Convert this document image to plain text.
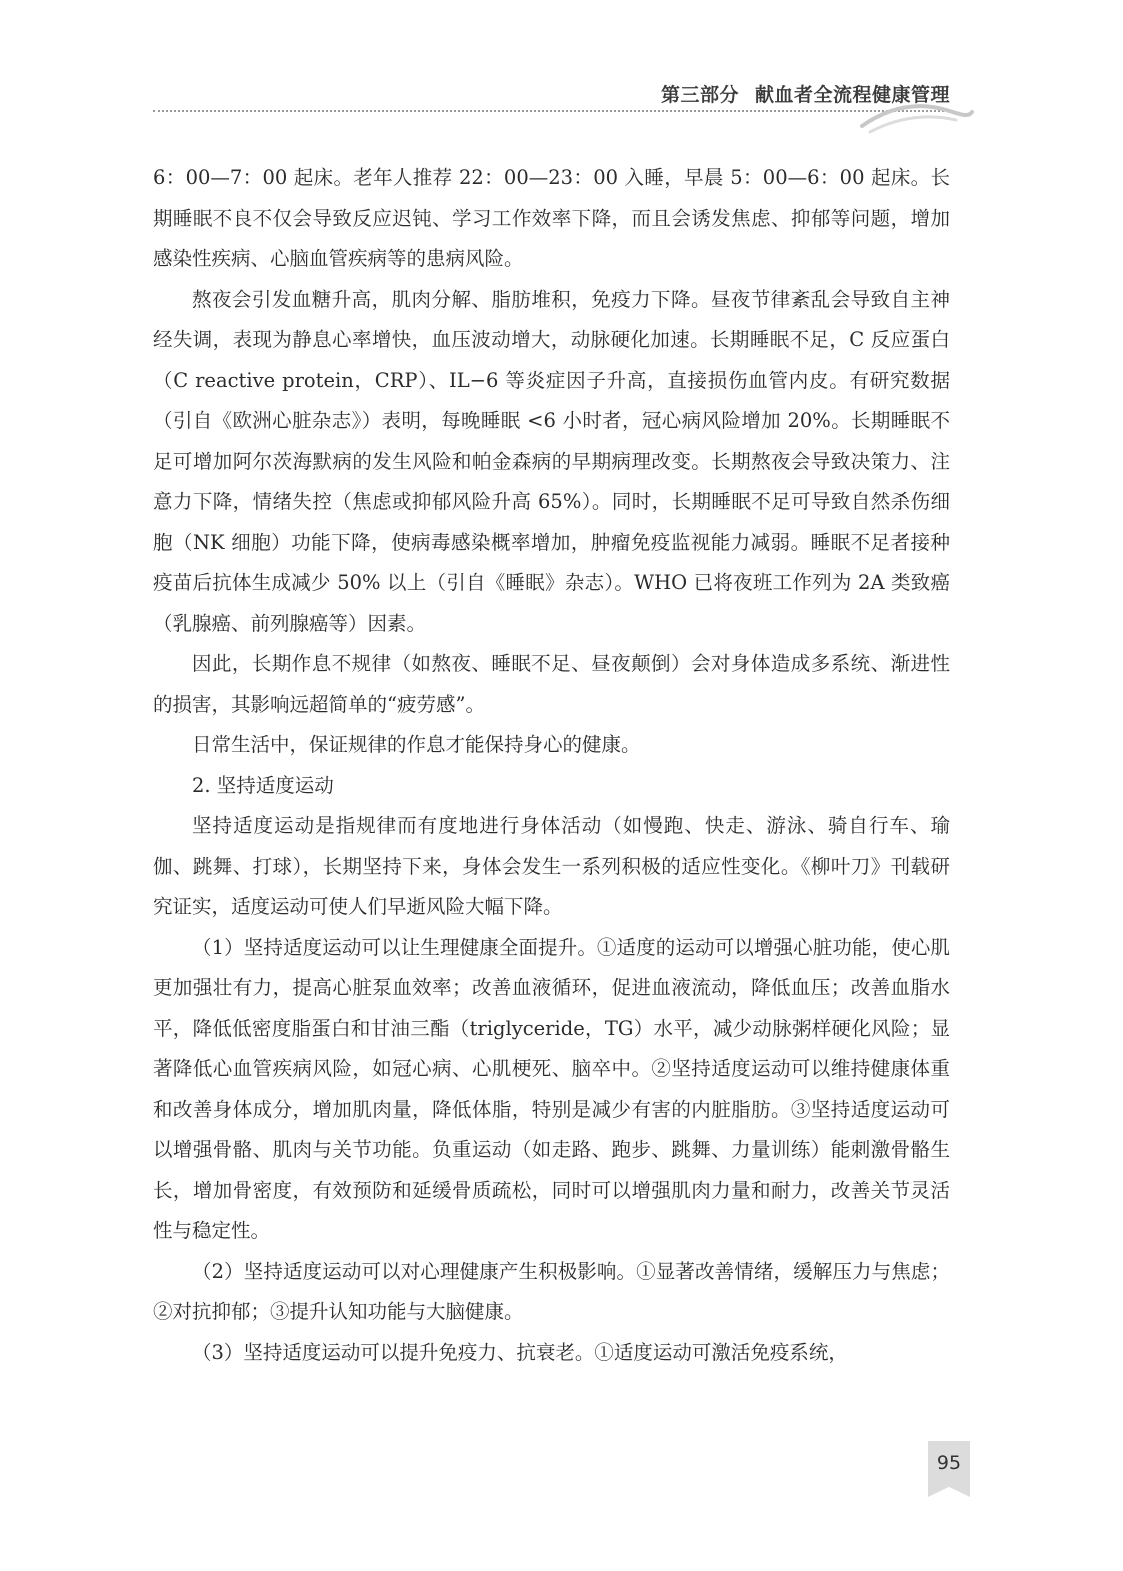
第三部分 献血者全流程健康管理

6：00—7：00 起床。老年人推荐 22：00—23：00 入睡，早晨 5：00—6：00 起床。长期睡眠不良不仅会导致反应迟钝、学习工作效率下降，而且会诱发焦虑、抑郁等问题，增加感染性疾病、心脑血管疾病等的患病风险。

熬夜会引发血糖升高，肌肉分解、脂肪堆积，免疫力下降。昼夜节律紊乱会导致自主神经失调，表现为静息心率增快，血压波动增大，动脉硬化加速。长期睡眠不足，C 反应蛋白（C reactive protein，CRP）、IL−6 等炎症因子升高，直接损伤血管内皮。有研究数据（引自《欧洲心脏杂志》）表明，每晚睡眠 <6 小时者，冠心病风险增加 20%。长期睡眠不足可增加阿尔茨海默病的发生风险和帕金森病的早期病理改变。长期熬夜会导致决策力、注意力下降，情绪失控（焦虑或抑郁风险升高 65%）。同时，长期睡眠不足可导致自然杀伤细胞（NK 细胞）功能下降，使病毒感染概率增加，肿瘤免疫监视能力减弱。睡眠不足者接种疫苗后抗体生成减少 50% 以上（引自《睡眠》杂志）。WHO 已将夜班工作列为 2A 类致癌（乳腺癌、前列腺癌等）因素。

因此，长期作息不规律（如熬夜、睡眠不足、昼夜颠倒）会对身体造成多系统、渐进性的损害，其影响远超简单的“疲劳感”。

日常生活中，保证规律的作息才能保持身心的健康。

2. 坚持适度运动

坚持适度运动是指规律而有度地进行身体活动（如慢跑、快走、游泳、骑自行车、瑜伽、跳舞、打球），长期坚持下来，身体会发生一系列积极的适应性变化。《柳叶刀》刊载研究证实，适度运动可使人们早逝风险大幅下降。

（1）坚持适度运动可以让生理健康全面提升。①适度的运动可以增强心脏功能，使心肌更加强壮有力，提高心脏泵血效率；改善血液循环，促进血液流动，降低血压；改善血脂水平，降低低密度脂蛋白和甘油三酯（triglyceride，TG）水平，减少动脉粥样硬化风险；显著降低心血管疾病风险，如冠心病、心肌梗死、脑卒中。②坚持适度运动可以维持健康体重和改善身体成分，增加肌肉量，降低体脂，特别是减少有害的内脏脂肪。③坚持适度运动可以增强骨骼、肌肉与关节功能。负重运动（如走路、跑步、跳舞、力量训练）能刺激骨骼生长，增加骨密度，有效预防和延缓骨质疏松，同时可以增强肌肉力量和耐力，改善关节灵活性与稳定性。

（2）坚持适度运动可以对心理健康产生积极影响。①显著改善情绪，缓解压力与焦虑；②对抗抑郁；③提升认知功能与大脑健康。

（3）坚持适度运动可以提升免疫力、抗衰老。①适度运动可激活免疫系统，

95
